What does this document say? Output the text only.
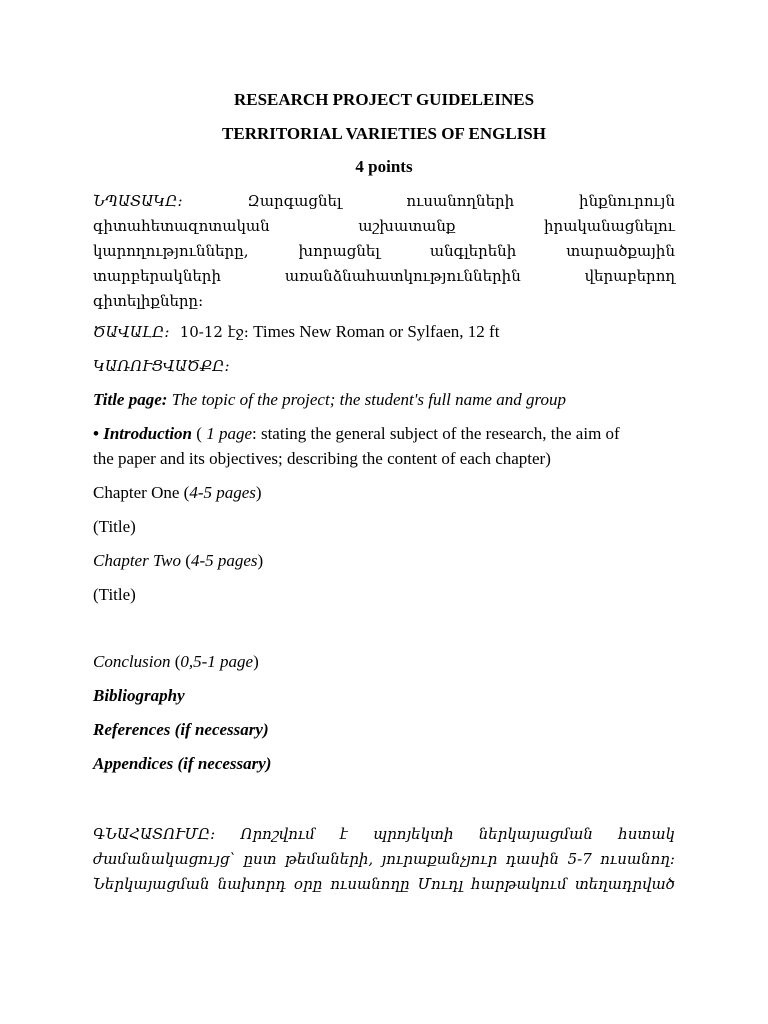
RESEARCH PROJECT GUIDELEINES
TERRITORIAL VARIETIES OF ENGLISH
4 points
ՆՊԱՏԱԿԸ:	Զարգացնել	ուսանողների	ինքնուրույն
գիտահետազոտական	աշխատանք	իրականացնելու
կարողությունները,	խորացնել	անգլերենի	տարածքային
տարբերակների	առանձնահատկություններին	վերաբերող
գիտելիքները:
ԾԱՎԱԼԸ: 10-12 էջ: Times New Roman or Sylfaen, 12 ft
ԿԱՌՈՒՑՎԱԾՔԸ:
Title page: The topic of the project; the student's full name and group
• Introduction ( 1 page: stating the general subject of the research, the aim of
the paper and its objectives; describing the content of each chapter)
Chapter One (4-5 pages)
(Title)
Chapter Two (4-5 pages)
(Title)
Conclusion (0,5-1 page)
Bibliography
References (if necessary)
Appendices (if necessary)
ԳՆԱՀԱՏՈՒՄԸ: Որոշվում է պրոյեկտի ներկայացման հստակ
ժամանակացույց՝ ըստ թեմաների, յուրաքանչյուր դասին 5-7 ուսանող:
Ներկայացման նախորդ օրը ուսանողը Մուդլ հարթակում տեղադրված
